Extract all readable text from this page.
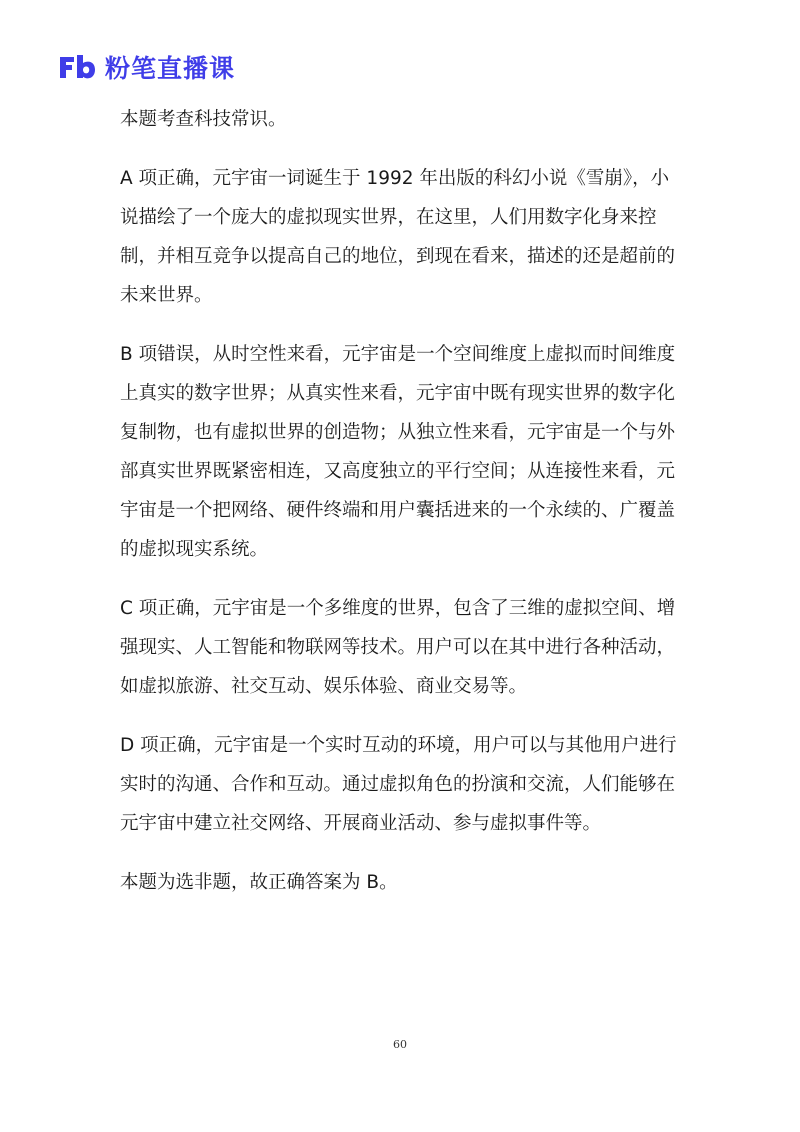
粉笔直播课

本题考查科技常识。

A 项正确，元宇宙一词诞生于 1992 年出版的科幻小说《雪崩》，小说描绘了一个庞大的虚拟现实世界，在这里，人们用数字化身来控制，并相互竞争以提高自己的地位，到现在看来，描述的还是超前的未来世界。

B 项错误，从时空性来看，元宇宙是一个空间维度上虚拟而时间维度上真实的数字世界；从真实性来看，元宇宙中既有现实世界的数字化复制物，也有虚拟世界的创造物；从独立性来看，元宇宙是一个与外部真实世界既紧密相连，又高度独立的平行空间；从连接性来看，元宇宙是一个把网络、硬件终端和用户囊括进来的一个永续的、广覆盖的虚拟现实系统。

C 项正确，元宇宙是一个多维度的世界，包含了三维的虚拟空间、增强现实、人工智能和物联网等技术。用户可以在其中进行各种活动，如虚拟旅游、社交互动、娱乐体验、商业交易等。

D 项正确，元宇宙是一个实时互动的环境，用户可以与其他用户进行实时的沟通、合作和互动。通过虚拟角色的扮演和交流，人们能够在元宇宙中建立社交网络、开展商业活动、参与虚拟事件等。

本题为选非题，故正确答案为 B。

60
